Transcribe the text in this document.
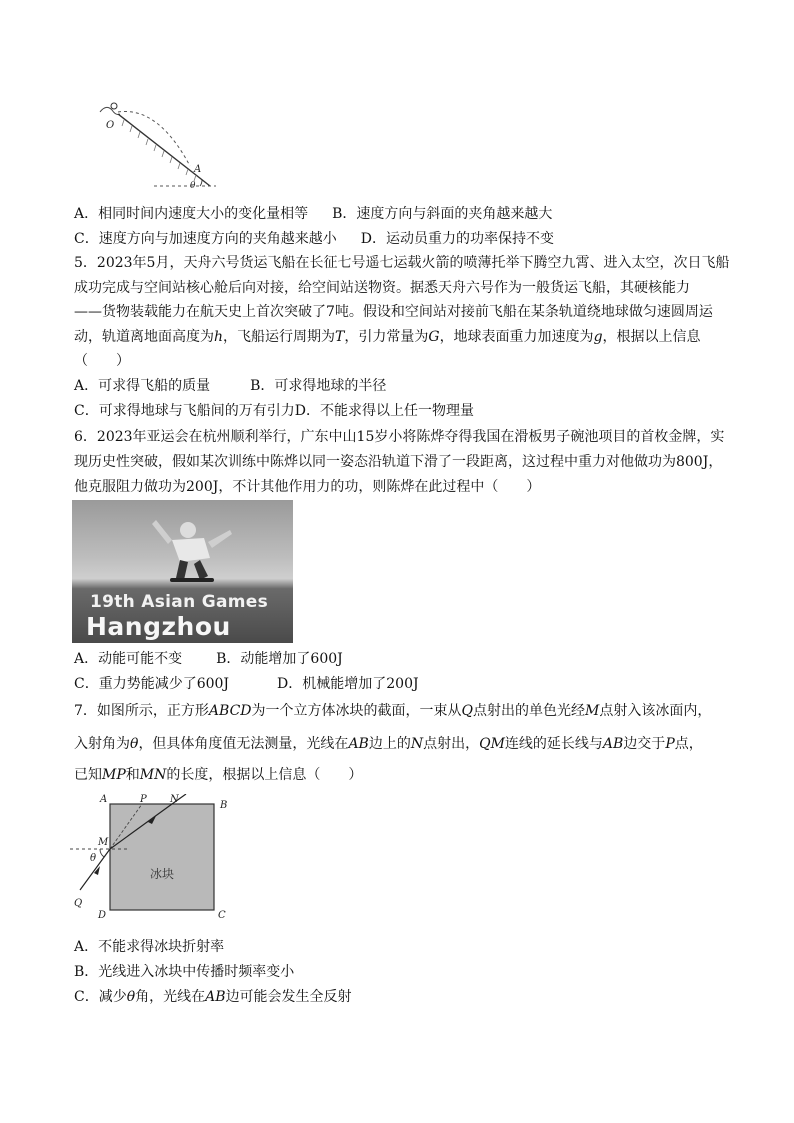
O
A
θ
A．相同时间内速度大小的变化量相等 B．速度方向与斜面的夹角越来越大
C．速度方向与加速度方向的夹角越来越小 D．运动员重力的功率保持不变
5．2023年5月，天舟六号货运飞船在长征七号遥七运载火箭的喷薄托举下腾空九霄、进入太空，次日飞船
成功完成与空间站核心舱后向对接，给空间站送物资。据悉天舟六号作为一般货运飞船，其硬核能力
——货物装载能力在航天史上首次突破了7吨。假设和空间站对接前飞船在某条轨道绕地球做匀速圆周运
动，轨道离地面高度为h，飞船运行周期为T，引力常量为G，地球表面重力加速度为g，根据以上信息
（　　）
A．可求得飞船的质量	B．可求得地球的半径
C．可求得地球与飞船间的万有引力D．不能求得以上任一物理量
6．2023年亚运会在杭州顺利举行，广东中山15岁小将陈烨夺得我国在滑板男子碗池项目的首枚金牌，实
现历史性突破，假如某次训练中陈烨以同一姿态沿轨道下滑了一段距离，这过程中重力对他做功为800J，
他克服阻力做功为200J，不计其他作用力的功，则陈烨在此过程中（　　）
19th Asian Games
Hangzhou
A．动能可能不变 B．动能增加了600J
C．重力势能减少了600J	D．机械能增加了200J
7．如图所示，正方形ABCD为一个立方体冰块的截面，一束从Q点射出的单色光经M点射入该冰面内，
入射角为θ，但具体角度值无法测量，光线在AB边上的N点射出，QM连线的延长线与AB边交于P点，
已知MP和MN的长度，根据以上信息（　　）
A	P N
B
M
θ
Q
D	C
冰块
A．不能求得冰块折射率
B．光线进入冰块中传播时频率变小
C．减少θ角，光线在AB边可能会发生全反射
